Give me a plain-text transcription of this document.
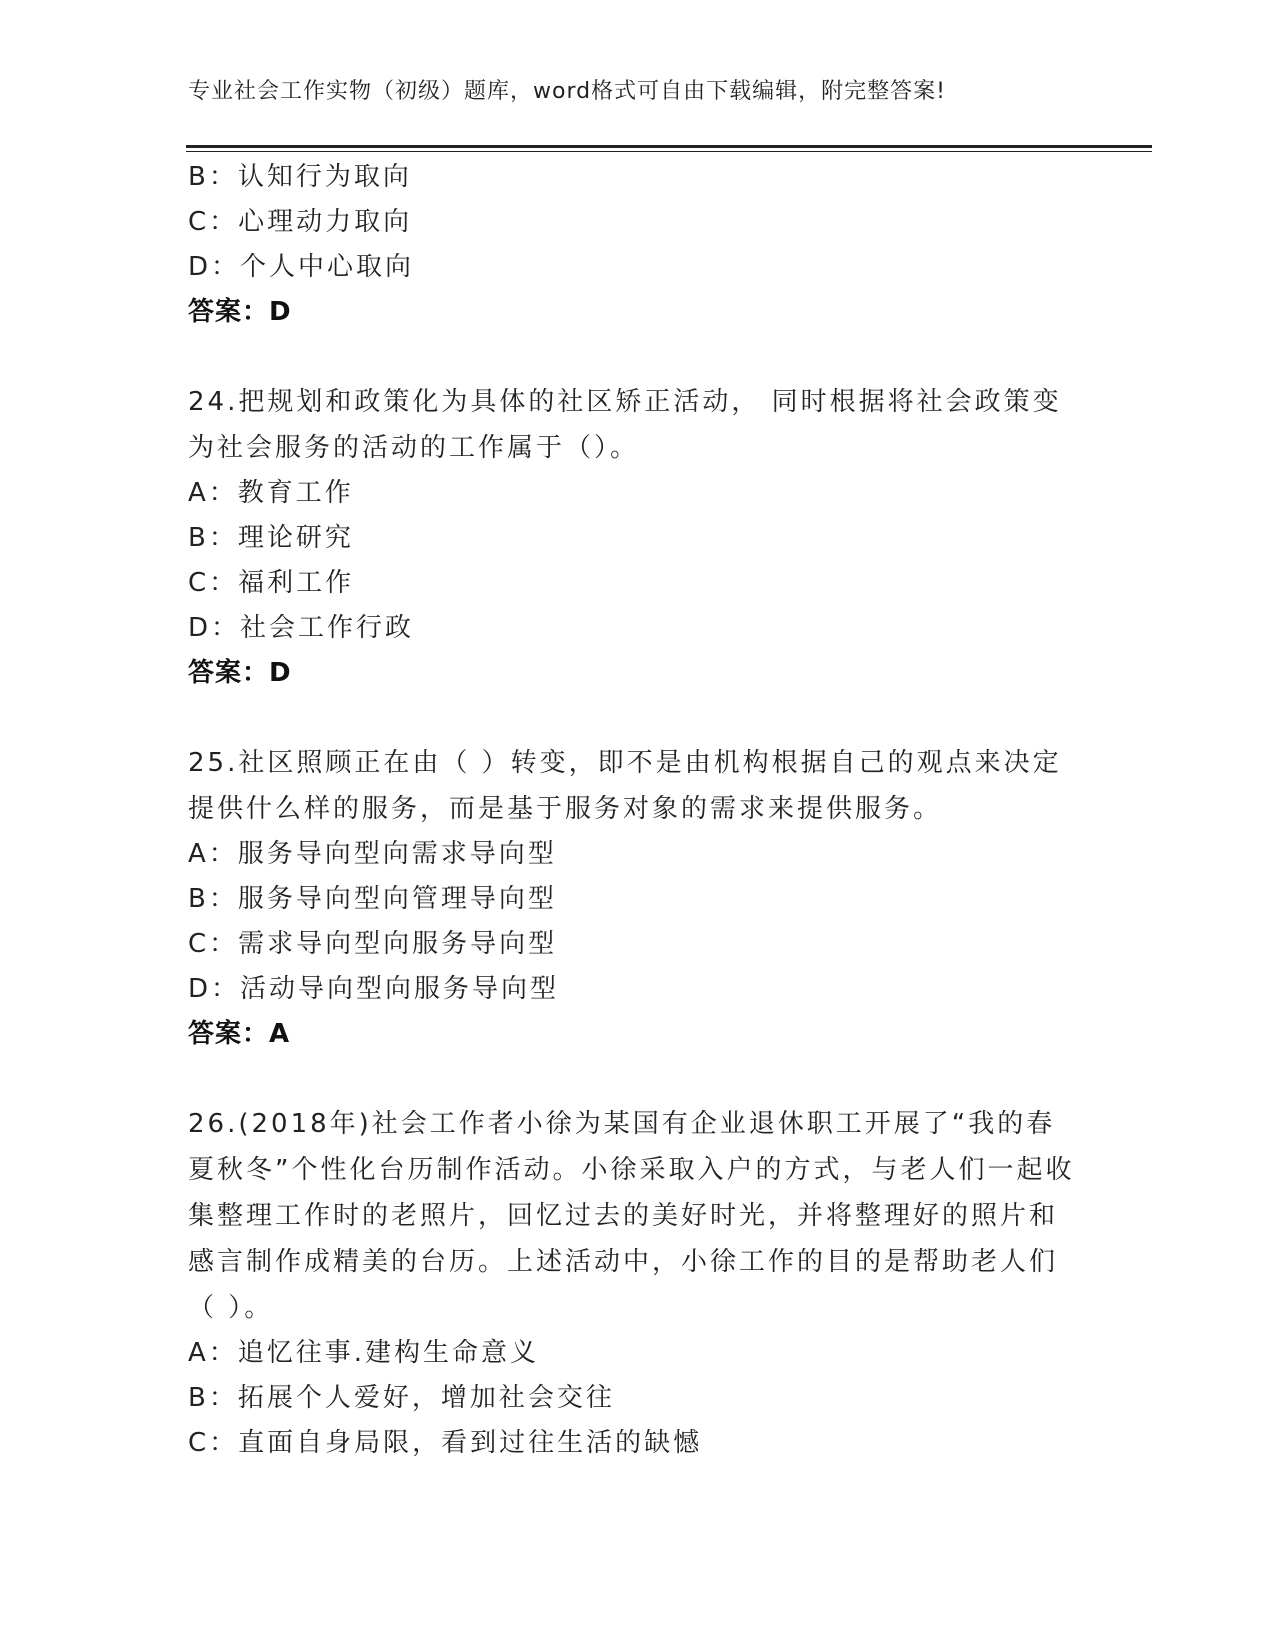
专业社会工作实物（初级）题库，word格式可自由下载编辑，附完整答案!
B：认知行为取向
C：心理动力取向
D：个人中心取向
答案：D
24.把规划和政策化为具体的社区矫正活动， 同时根据将社会政策变为社会服务的活动的工作属于（）。
A：教育工作
B：理论研究
C：福利工作
D：社会工作行政
答案：D
25.社区照顾正在由（ ）转变，即不是由机构根据自己的观点来决定提供什么样的服务，而是基于服务对象的需求来提供服务。
A：服务导向型向需求导向型
B：服务导向型向管理导向型
C：需求导向型向服务导向型
D：活动导向型向服务导向型
答案：A
26.(2018年)社会工作者小徐为某国有企业退休职工开展了“我的春夏秋冬”个性化台历制作活动。小徐采取入户的方式，与老人们一起收集整理工作时的老照片，回忆过去的美好时光，并将整理好的照片和感言制作成精美的台历。上述活动中，小徐工作的目的是帮助老人们（ ）。
A：追忆往事.建构生命意义
B：拓展个人爱好，增加社会交往
C：直面自身局限，看到过往生活的缺憾
